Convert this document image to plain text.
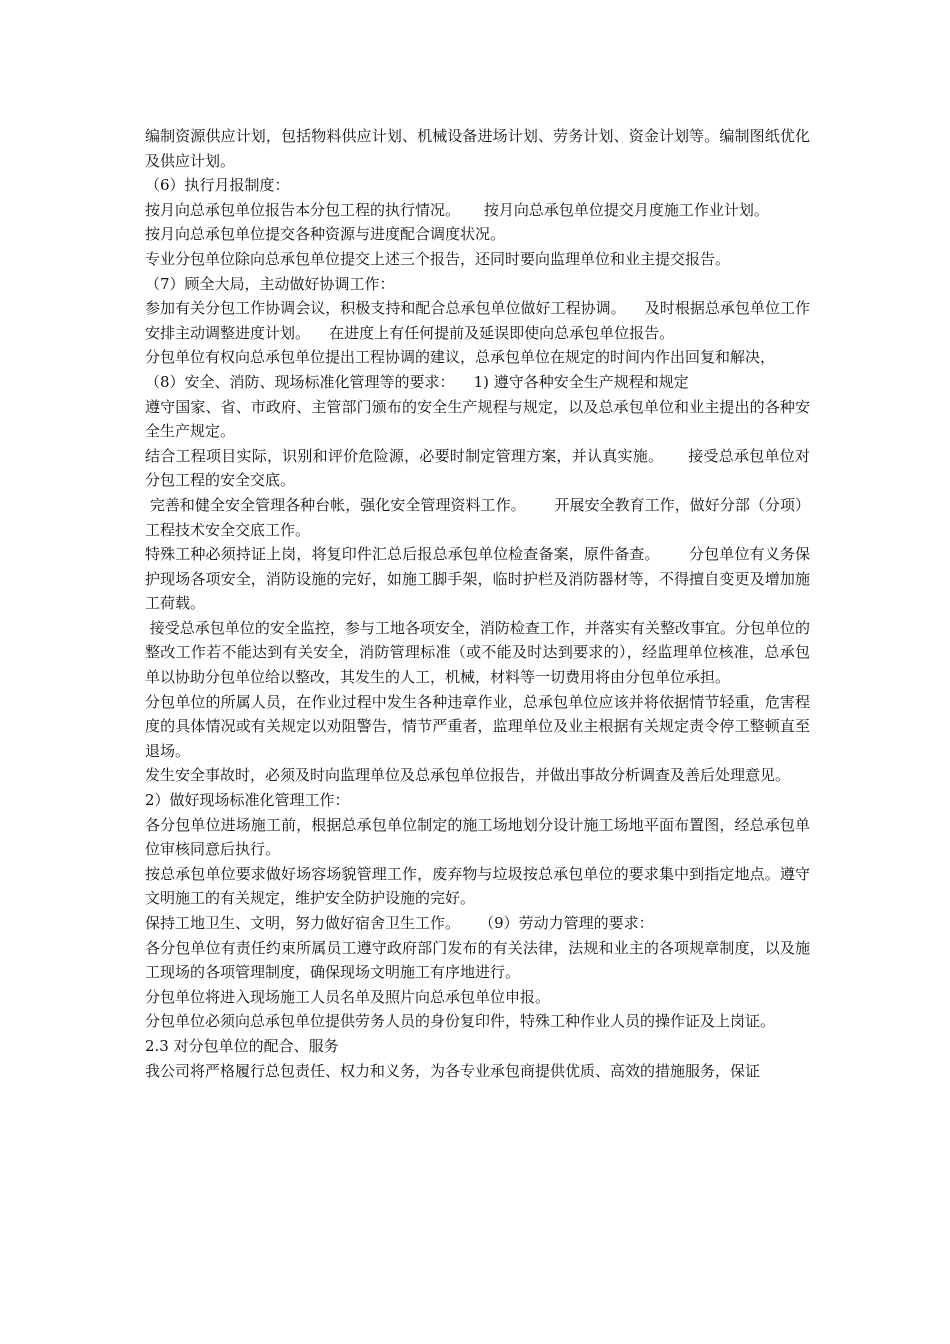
编制资源供应计划，包括物料供应计划、机械设备进场计划、劳务计划、资金计划等。编制图纸优化及供应计划。

（6）执行月报制度：

按月向总承包单位报告本分包工程的执行情况。     按月向总承包单位提交月度施工作业计划。

按月向总承包单位提交各种资源与进度配合调度状况。

专业分包单位除向总承包单位提交上述三个报告，还同时要向监理单位和业主提交报告。

（7）顾全大局，主动做好协调工作：

参加有关分包工作协调会议，积极支持和配合总承包单位做好工程协调。    及时根据总承包单位工作安排主动调整进度计划。    在进度上有任何提前及延误即使向总承包单位报告。

分包单位有权向总承包单位提出工程协调的建议，总承包单位在规定的时间内作出回复和解决，

（8）安全、消防、现场标准化管理等的要求：    1) 遵守各种安全生产规程和规定

遵守国家、省、市政府、主管部门颁布的安全生产规程与规定，以及总承包单位和业主提出的各种安全生产规定。

结合工程项目实际，识别和评价危险源，必要时制定管理方案，并认真实施。     接受总承包单位对分包工程的安全交底。

完善和健全安全管理各种台帐，强化安全管理资料工作。      开展安全教育工作，做好分部（分项）工程技术安全交底工作。

特殊工种必须持证上岗，将复印件汇总后报总承包单位检查备案，原件备查。      分包单位有义务保护现场各项安全，消防设施的完好，如施工脚手架，临时护栏及消防器材等，不得擅自变更及增加施工荷载。

接受总承包单位的安全监控，参与工地各项安全，消防检查工作，并落实有关整改事宜。分包单位的整改工作若不能达到有关安全，消防管理标准（或不能及时达到要求的），经监理单位核准，总承包单以协助分包单位给以整改，其发生的人工，机械，材料等一切费用将由分包单位承担。

分包单位的所属人员，在作业过程中发生各种违章作业，总承包单位应该并将依据情节轻重，危害程度的具体情况或有关规定以劝阻警告，情节严重者，监理单位及业主根据有关规定责令停工整顿直至退场。

发生安全事故时，必须及时向监理单位及总承包单位报告，并做出事故分析调查及善后处理意见。

2）做好现场标准化管理工作：

各分包单位进场施工前，根据总承包单位制定的施工场地划分设计施工场地平面布置图，经总承包单位审核同意后执行。

按总承包单位要求做好场容场貌管理工作，废弃物与垃圾按总承包单位的要求集中到指定地点。遵守文明施工的有关规定，维护安全防护设施的完好。

保持工地卫生、文明，努力做好宿舍卫生工作。    （9）劳动力管理的要求：

各分包单位有责任约束所属员工遵守政府部门发布的有关法律，法规和业主的各项规章制度，以及施工现场的各项管理制度，确保现场文明施工有序地进行。

分包单位将进入现场施工人员名单及照片向总承包单位申报。

分包单位必须向总承包单位提供劳务人员的身份复印件，特殊工种作业人员的操作证及上岗证。

2.3 对分包单位的配合、服务

我公司将严格履行总包责任、权力和义务，为各专业承包商提供优质、高效的措施服务，保证
